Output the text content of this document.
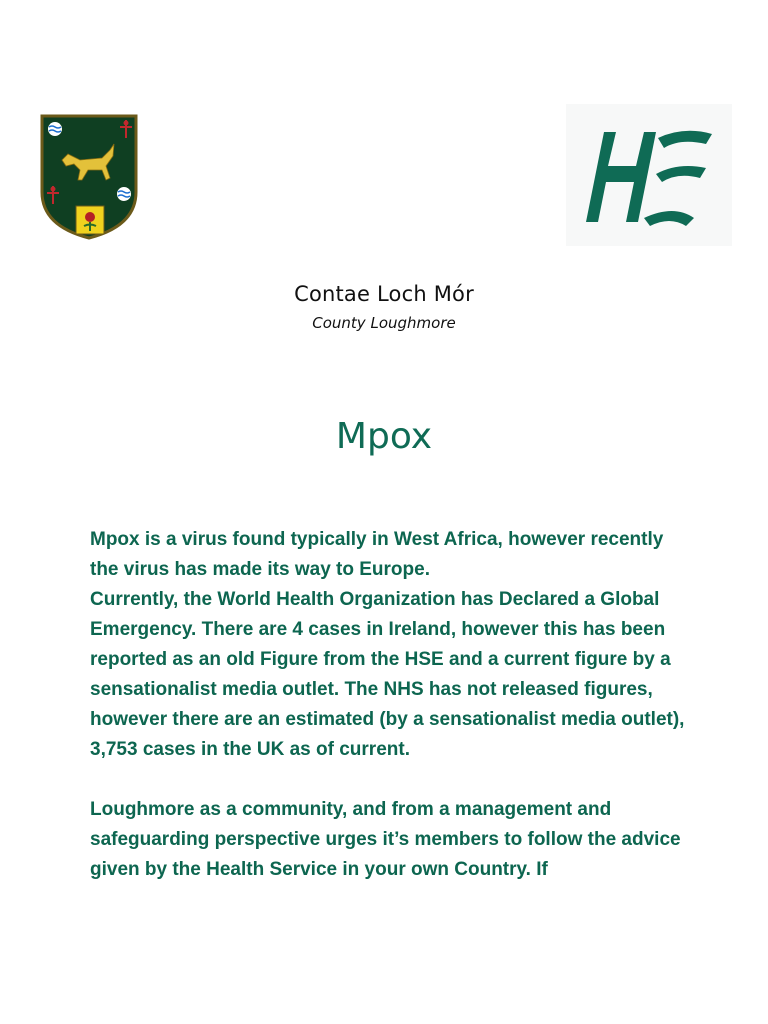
Contae Loch Mór
County Loughmore
Mpox

Mpox is a virus found typically in West Africa, however recently the virus has made its way to Europe.

Currently, the World Health Organization has Declared a Global Emergency. There are 4 cases in Ireland, however this has been reported as an old Figure from the HSE and a current figure by a sensationalist media outlet. The NHS has not released figures, however there are an estimated (by a sensationalist media outlet), 3,753 cases in the UK as of current.

Loughmore as a community, and from a management and safeguarding perspective urges it’s members to follow the advice given by the Health Service in your own Country. If
